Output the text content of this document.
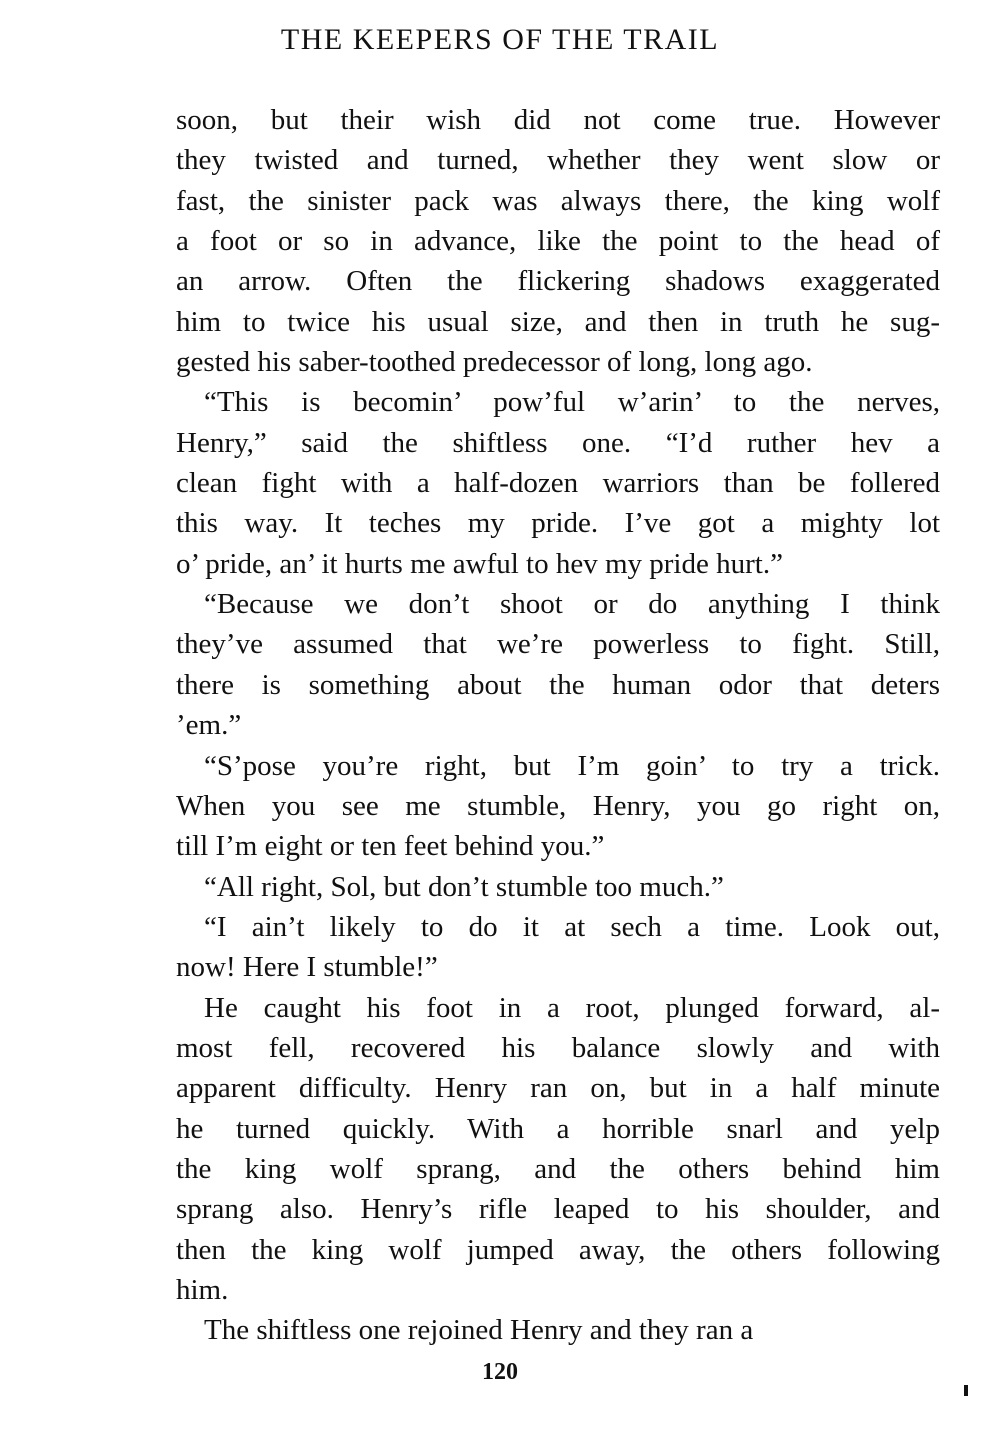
THE KEEPERS OF THE TRAIL
soon, but their wish did not come true. However
they twisted and turned, whether they went slow or
fast, the sinister pack was always there, the king wolf
a foot or so in advance, like the point to the head of
an arrow. Often the flickering shadows exaggerated
him to twice his usual size, and then in truth he sug-
gested his saber-toothed predecessor of long, long ago.
“This is becomin’ pow’ful w’arin’ to the nerves,
Henry,” said the shiftless one. “I’d ruther hev a
clean fight with a half-dozen warriors than be follered
this way. It teches my pride. I’ve got a mighty lot
o’ pride, an’ it hurts me awful to hev my pride hurt.”
“Because we don’t shoot or do anything I think
they’ve assumed that we’re powerless to fight. Still,
there is something about the human odor that deters
’em.”
“S’pose you’re right, but I’m goin’ to try a trick.
When you see me stumble, Henry, you go right on,
till I’m eight or ten feet behind you.”
“All right, Sol, but don’t stumble too much.”
“I ain’t likely to do it at sech a time. Look out,
now! Here I stumble!”
He caught his foot in a root, plunged forward, al-
most fell, recovered his balance slowly and with
apparent difficulty. Henry ran on, but in a half minute
he turned quickly. With a horrible snarl and yelp
the king wolf sprang, and the others behind him
sprang also. Henry’s rifle leaped to his shoulder, and
then the king wolf jumped away, the others following
him.
The shiftless one rejoined Henry and they ran a
120
